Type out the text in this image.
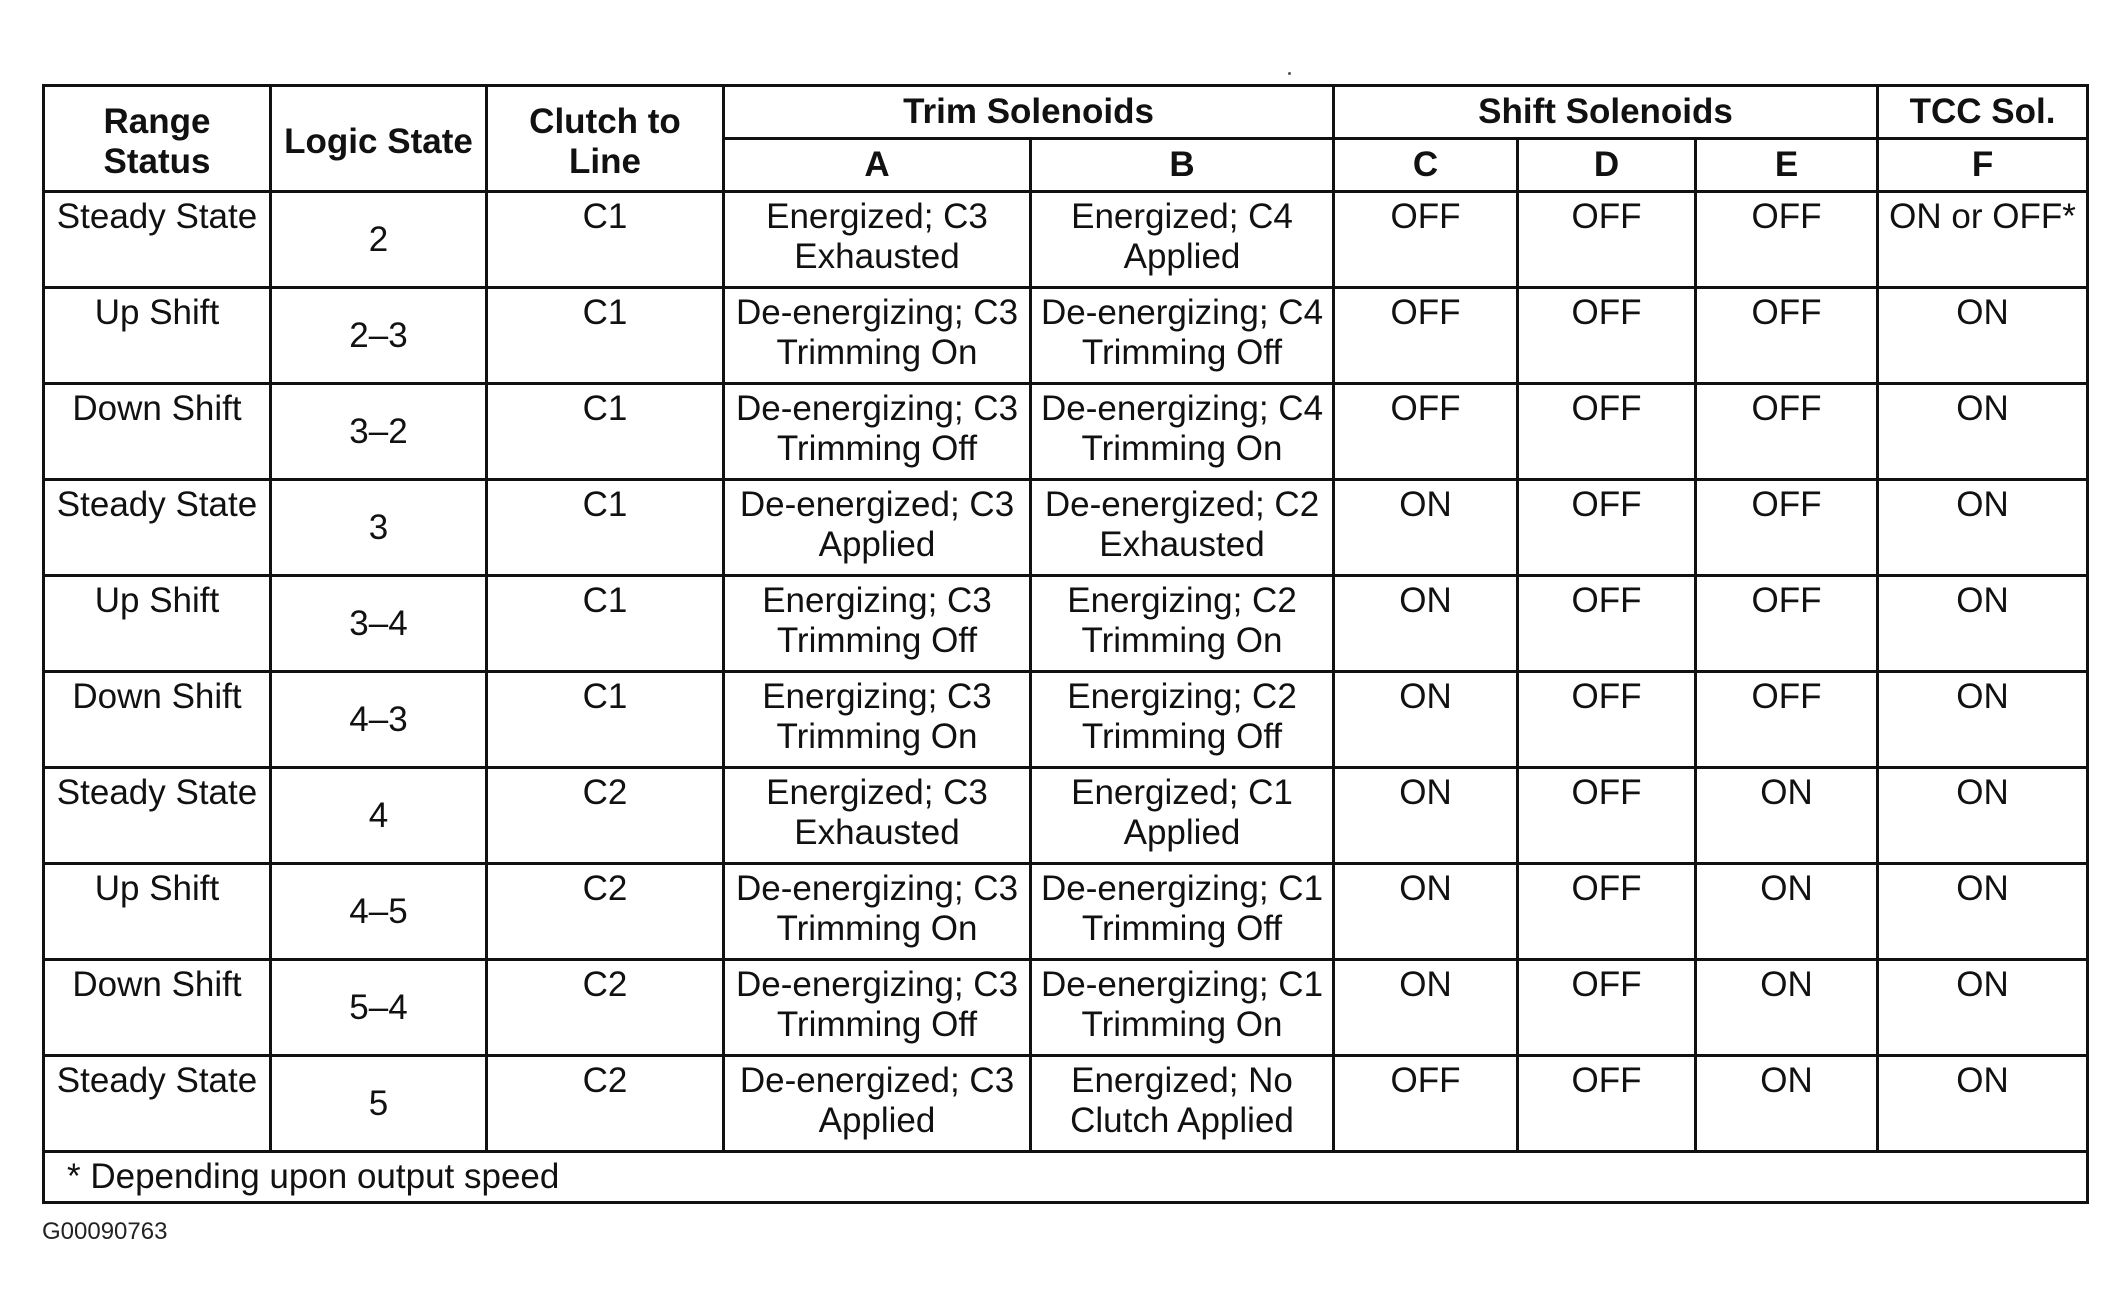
Range Status	Logic State	Clutch to Line	Trim Solenoids		Shift Solenoids			TCC Sol.
			A	B	C	D	E	F
Steady State	2	C1	Energized; C3 Exhausted	Energized; C4 Applied	OFF	OFF	OFF	ON or OFF*
Up Shift	2–3	C1	De-energizing; C3 Trimming On	De-energizing; C4 Trimming Off	OFF	OFF	OFF	ON
Down Shift	3–2	C1	De-energizing; C3 Trimming Off	De-energizing; C4 Trimming On	OFF	OFF	OFF	ON
Steady State	3	C1	De-energized; C3 Applied	De-energized; C2 Exhausted	ON	OFF	OFF	ON
Up Shift	3–4	C1	Energizing; C3 Trimming Off	Energizing; C2 Trimming On	ON	OFF	OFF	ON
Down Shift	4–3	C1	Energizing; C3 Trimming On	Energizing; C2 Trimming Off	ON	OFF	OFF	ON
Steady State	4	C2	Energized; C3 Exhausted	Energized; C1 Applied	ON	OFF	ON	ON
Up Shift	4–5	C2	De-energizing; C3 Trimming On	De-energizing; C1 Trimming Off	ON	OFF	ON	ON
Down Shift	5–4	C2	De-energizing; C3 Trimming Off	De-energizing; C1 Trimming On	ON	OFF	ON	ON
Steady State	5	C2	De-energized; C3 Applied	Energized; No Clutch Applied	OFF	OFF	ON	ON
* Depending upon output speed								
G00090763
